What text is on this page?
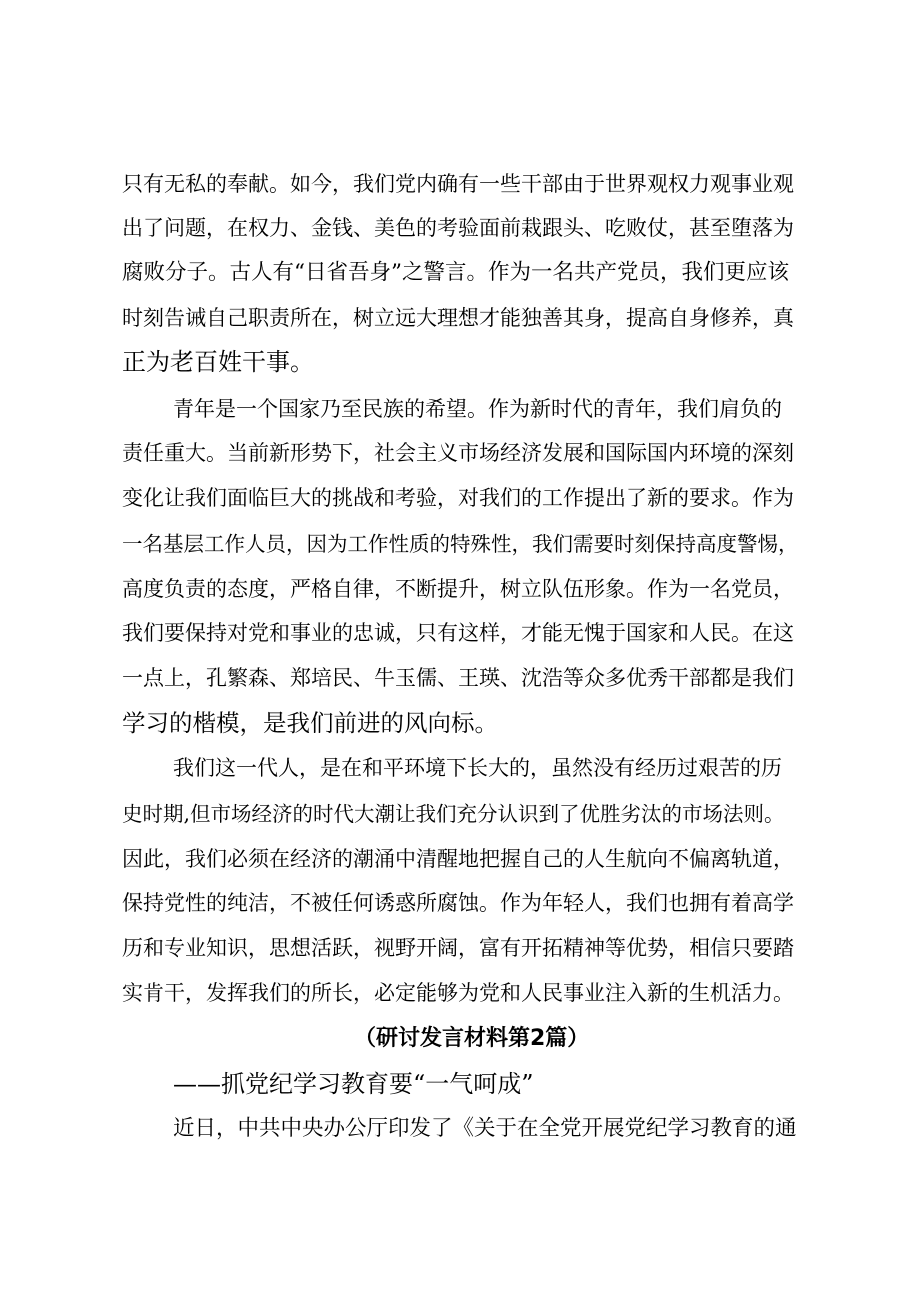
只有无私的奉献。如今，我们党内确有一些干部由于世界观权力观事业观
出了问题，在权力、金钱、美色的考验面前栽跟头、吃败仗，甚至堕落为
腐败分子。古人有“日省吾身”之警言。作为一名共产党员，我们更应该
时刻告诫自己职责所在，树立远大理想才能独善其身，提高自身修养，真
正为老百姓干事。
青年是一个国家乃至民族的希望。作为新时代的青年，我们肩负的
责任重大。当前新形势下，社会主义市场经济发展和国际国内环境的深刻
变化让我们面临巨大的挑战和考验，对我们的工作提出了新的要求。作为
一名基层工作人员，因为工作性质的特殊性，我们需要时刻保持高度警惕，
高度负责的态度，严格自律，不断提升，树立队伍形象。作为一名党员，
我们要保持对党和事业的忠诚，只有这样，才能无愧于国家和人民。在这
一点上，孔繁森、郑培民、牛玉儒、王瑛、沈浩等众多优秀干部都是我们
学习的楷模，是我们前进的风向标。
我们这一代人，是在和平环境下长大的，虽然没有经历过艰苦的历
史时期,但市场经济的时代大潮让我们充分认识到了优胜劣汰的市场法则。
因此，我们必须在经济的潮涌中清醒地把握自己的人生航向不偏离轨道，
保持党性的纯洁，不被任何诱惑所腐蚀。作为年轻人，我们也拥有着高学
历和专业知识，思想活跃，视野开阔，富有开拓精神等优势，相信只要踏
实肯干，发挥我们的所长，必定能够为党和人民事业注入新的生机活力。
（研讨发言材料第2篇）
——抓党纪学习教育要“一气呵成”
近日，中共中央办公厅印发了《关于在全党开展党纪学习教育的通
